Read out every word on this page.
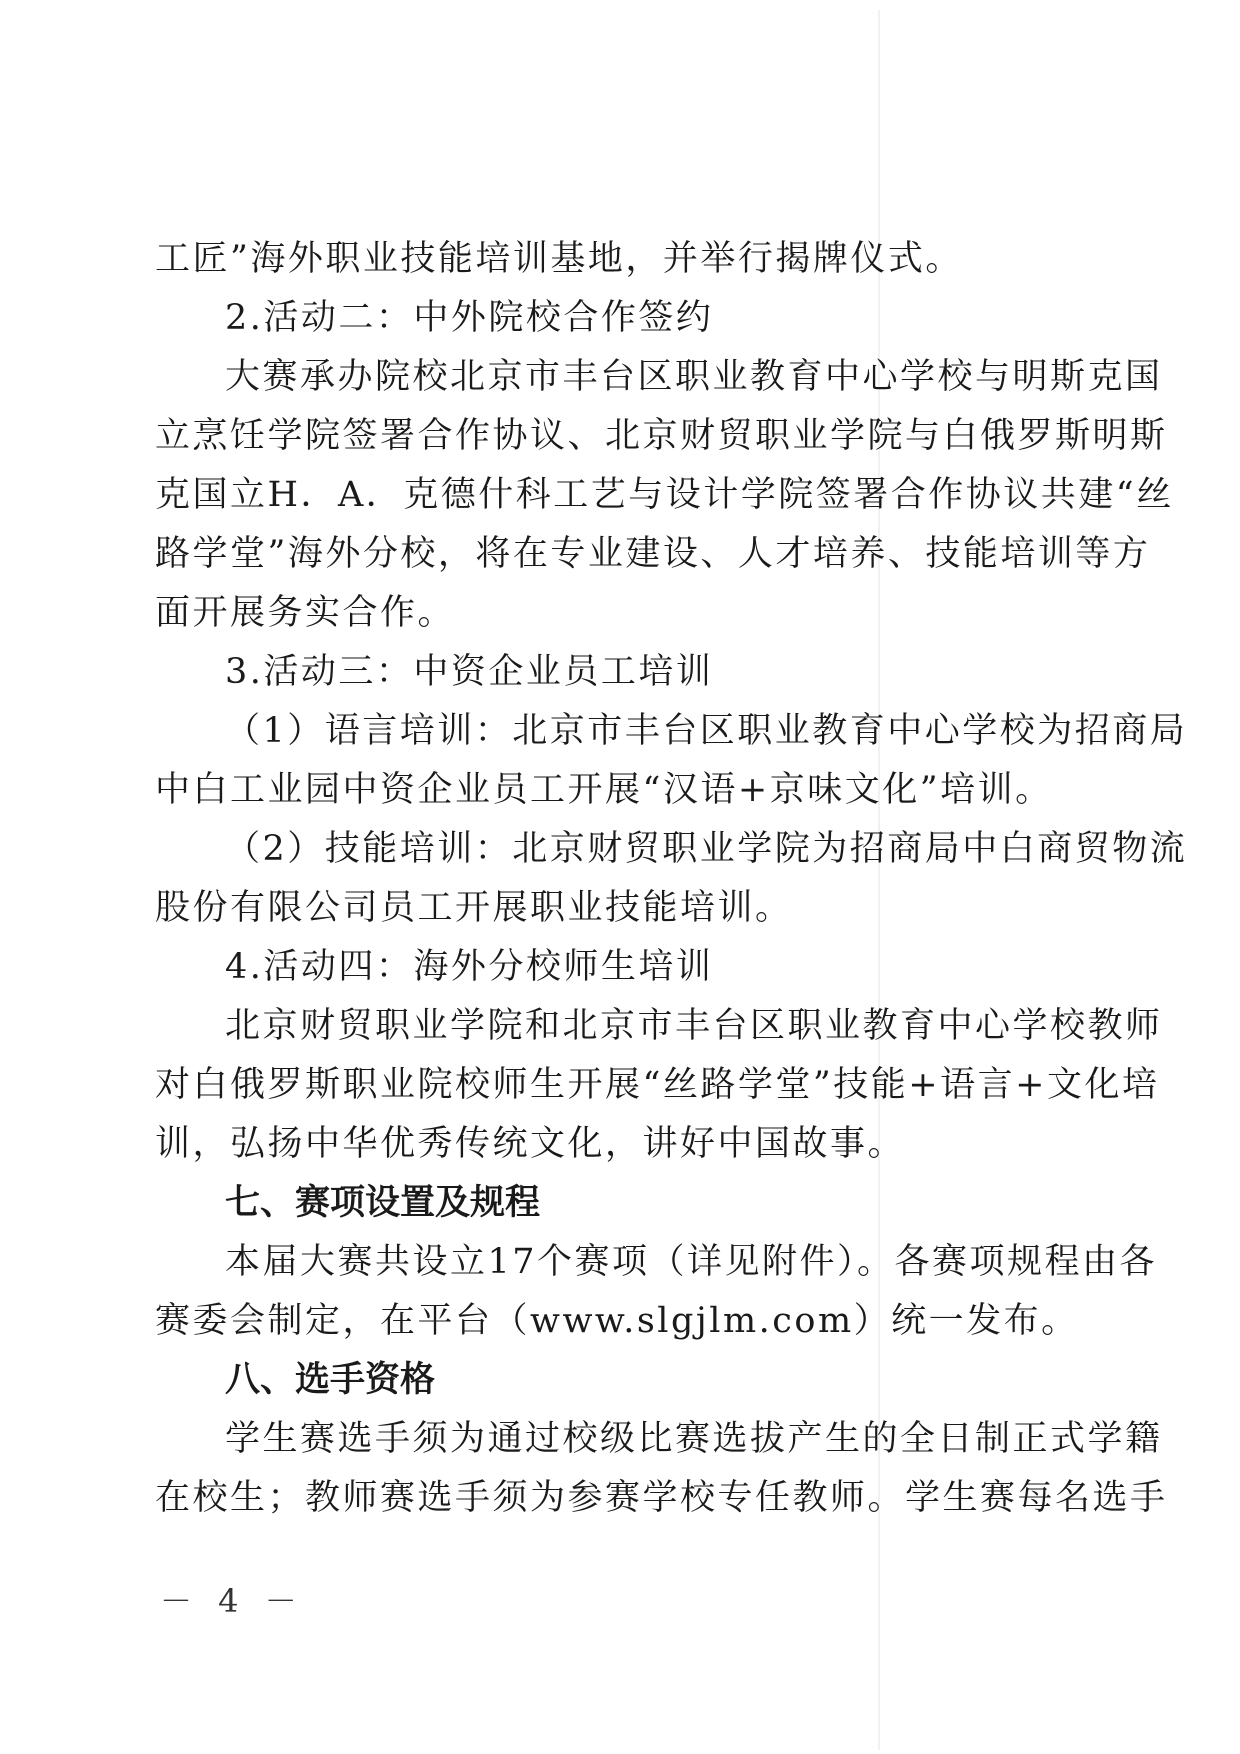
工匠”海外职业技能培训基地，并举行揭牌仪式。
2.活动二：中外院校合作签约
大赛承办院校北京市丰台区职业教育中心学校与明斯克国
立烹饪学院签署合作协议、北京财贸职业学院与白俄罗斯明斯
克国立H．A．克德什科工艺与设计学院签署合作协议共建“丝
路学堂”海外分校，将在专业建设、人才培养、技能培训等方
面开展务实合作。
3.活动三：中资企业员工培训
（1）语言培训：北京市丰台区职业教育中心学校为招商局
中白工业园中资企业员工开展“汉语+京味文化”培训。
（2）技能培训：北京财贸职业学院为招商局中白商贸物流
股份有限公司员工开展职业技能培训。
4.活动四：海外分校师生培训
北京财贸职业学院和北京市丰台区职业教育中心学校教师
对白俄罗斯职业院校师生开展“丝路学堂”技能+语言+文化培
训，弘扬中华优秀传统文化，讲好中国故事。
七、赛项设置及规程
本届大赛共设立17个赛项（详见附件）。各赛项规程由各
赛委会制定，在平台（www.slgjlm.com）统一发布。
八、选手资格
学生赛选手须为通过校级比赛选拔产生的全日制正式学籍
在校生；教师赛选手须为参赛学校专任教师。学生赛每名选手
－ 4 －
